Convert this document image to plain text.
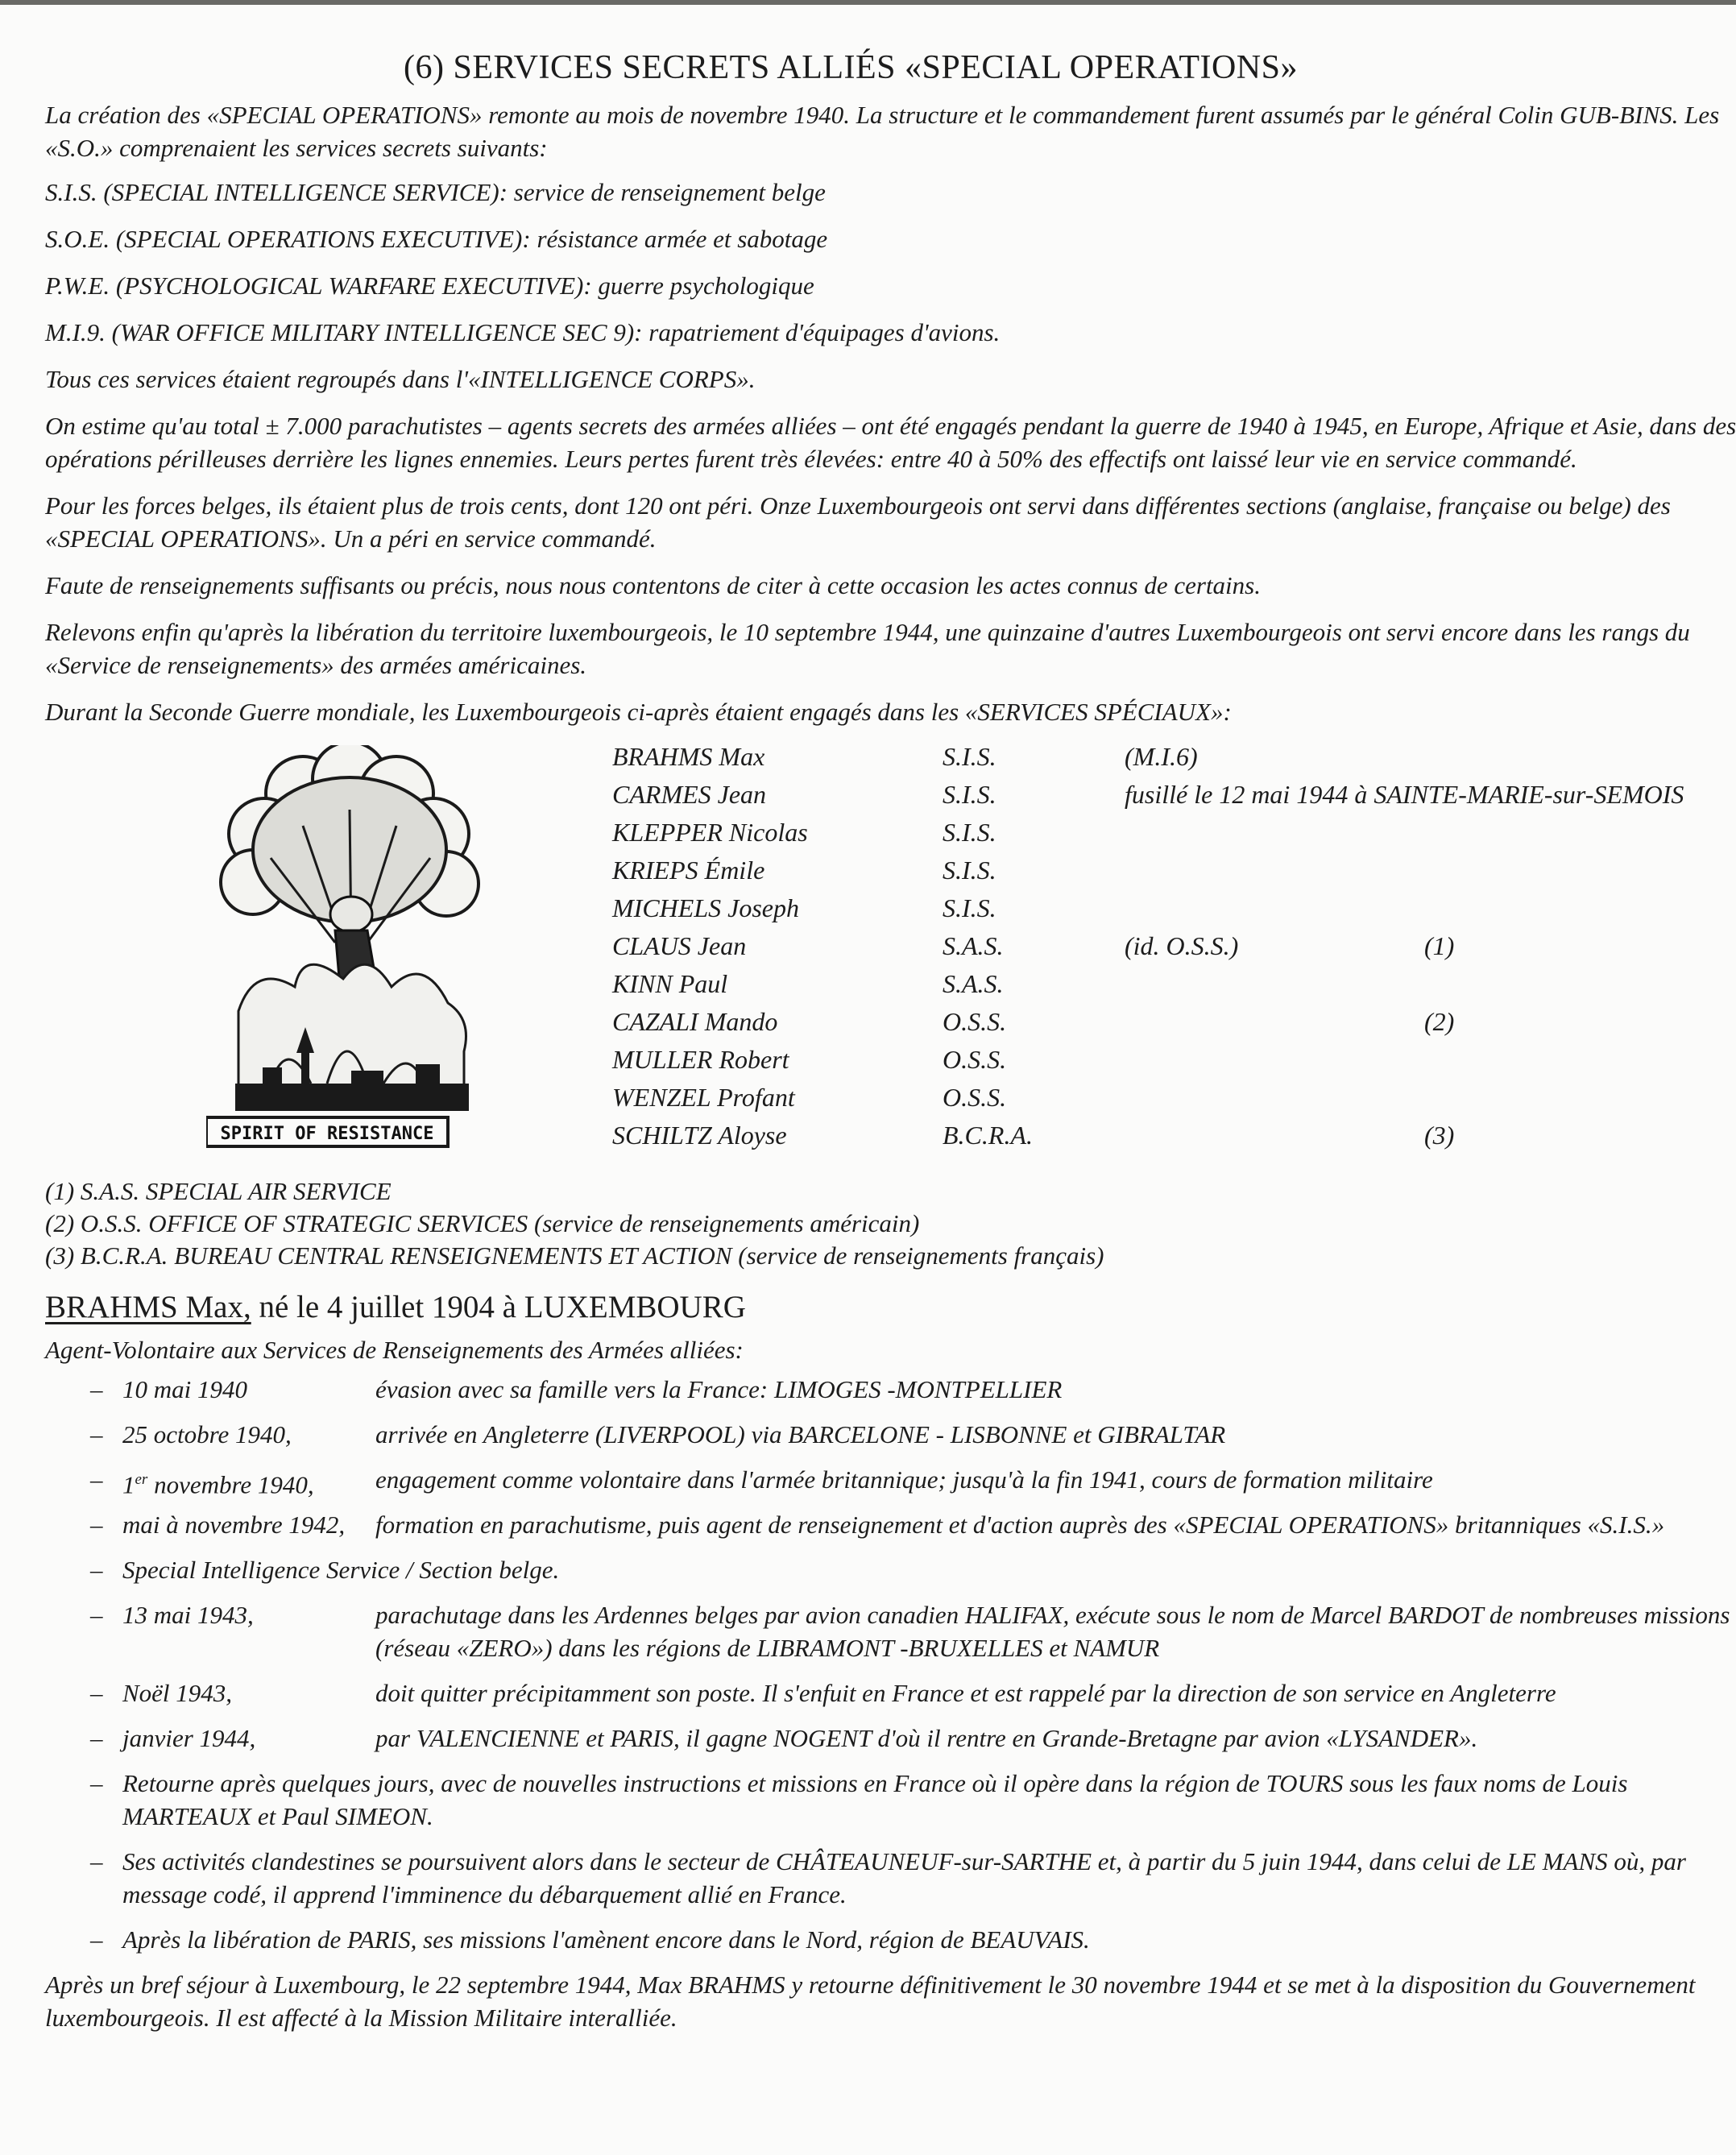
(6) SERVICES SECRETS ALLIÉS «SPECIAL OPERATIONS»

La création des «SPECIAL OPERATIONS» remonte au mois de novembre 1940. La structure et le commandement furent assumés par le général Colin GUB-BINS. Les «S.O.» comprenaient les services secrets suivants:

S.I.S. (SPECIAL INTELLIGENCE SERVICE): service de renseignement belge

S.O.E. (SPECIAL OPERATIONS EXECUTIVE): résistance armée et sabotage

P.W.E. (PSYCHOLOGICAL WARFARE EXECUTIVE): guerre psychologique

M.I.9. (WAR OFFICE MILITARY INTELLIGENCE SEC 9): rapatriement d'équipages d'avions.

Tous ces services étaient regroupés dans l'«INTELLIGENCE CORPS».

On estime qu'au total ± 7.000 parachutistes – agents secrets des armées alliées – ont été engagés pendant la guerre de 1940 à 1945, en Europe, Afrique et Asie, dans des opérations périlleuses derrière les lignes ennemies. Leurs pertes furent très élevées: entre 40 à 50% des effectifs ont laissé leur vie en service commandé.

Pour les forces belges, ils étaient plus de trois cents, dont 120 ont péri. Onze Luxembourgeois ont servi dans différentes sections (anglaise, française ou belge) des «SPECIAL OPERATIONS». Un a péri en service commandé.

Faute de renseignements suffisants ou précis, nous nous contentons de citer à cette occasion les actes connus de certains.

Relevons enfin qu'après la libération du territoire luxembourgeois, le 10 septembre 1944, une quinzaine d'autres Luxembourgeois ont servi encore dans les rangs du «Service de renseignements» des armées américaines.

Durant la Seconde Guerre mondiale, les Luxembourgeois ci-après étaient engagés dans les «SERVICES SPÉCIAUX»:

SPIRIT OF RESISTANCE
BRAHMS Max	S.I.S.	(M.I.6)
CARMES Jean	S.I.S.	fusillé le 12 mai 1944 à SAINTE-MARIE-sur-SEMOIS
KLEPPER Nicolas	S.I.S.
KRIEPS Émile	S.I.S.
MICHELS Joseph	S.I.S.
CLAUS Jean	S.A.S.	(id. O.S.S.)	(1)
KINN Paul	S.A.S.
CAZALI Mando	O.S.S.	(2)
MULLER Robert	O.S.S.
WENZEL Profant	O.S.S.
SCHILTZ Aloyse	B.C.R.A.	(3)

(1) S.A.S. SPECIAL AIR SERVICE

(2) O.S.S. OFFICE OF STRATEGIC SERVICES (service de renseignements américain)

(3) B.C.R.A. BUREAU CENTRAL RENSEIGNEMENTS ET ACTION (service de renseignements français)

BRAHMS Max, né le 4 juillet 1904 à LUXEMBOURG

Agent-Volontaire aux Services de Renseignements des Armées alliées:

– 10 mai 1940	évasion avec sa famille vers la France: LIMOGES -MONTPELLIER
– 25 octobre 1940,	arrivée en Angleterre (LIVERPOOL) via BARCELONE - LISBONNE et GIBRALTAR
– 1er novembre 1940, engagement comme volontaire dans l'armée britannique; jusqu'à la fin 1941, cours de formation militaire
– mai à novembre 1942, formation en parachutisme, puis agent de renseignement et d'action auprès des «SPECIAL OPERATIONS» britanniques «S.I.S.»
– Special Intelligence Service / Section belge.
– 13 mai 1943,	parachutage dans les Ardennes belges par avion canadien HALIFAX, exécute sous le nom de Marcel BARDOT de nombreuses missions (réseau «ZERO») dans les régions de LIBRAMONT -BRUXELLES et NAMUR
– Noël 1943,	doit quitter précipitamment son poste. Il s'enfuit en France et est rappelé par la direction de son service en Angleterre
– janvier 1944,	par VALENCIENNE et PARIS, il gagne NOGENT d'où il rentre en Grande-Bretagne par avion «LYSANDER».
– Retourne après quelques jours, avec de nouvelles instructions et missions en France où il opère dans la région de TOURS sous les faux noms de Louis MARTEAUX et Paul SIMEON.
– Ses activités clandestines se poursuivent alors dans le secteur de CHÂTEAUNEUF-sur-SARTHE et, à partir du 5 juin 1944, dans celui de LE MANS où, par message codé, il apprend l'imminence du débarquement allié en France.
– Après la libération de PARIS, ses missions l'amènent encore dans le Nord, région de BEAUVAIS.

Après un bref séjour à Luxembourg, le 22 septembre 1944, Max BRAHMS y retourne définitivement le 30 novembre 1944 et se met à la disposition du Gouvernement luxembourgeois. Il est affecté à la Mission Militaire interalliée.
